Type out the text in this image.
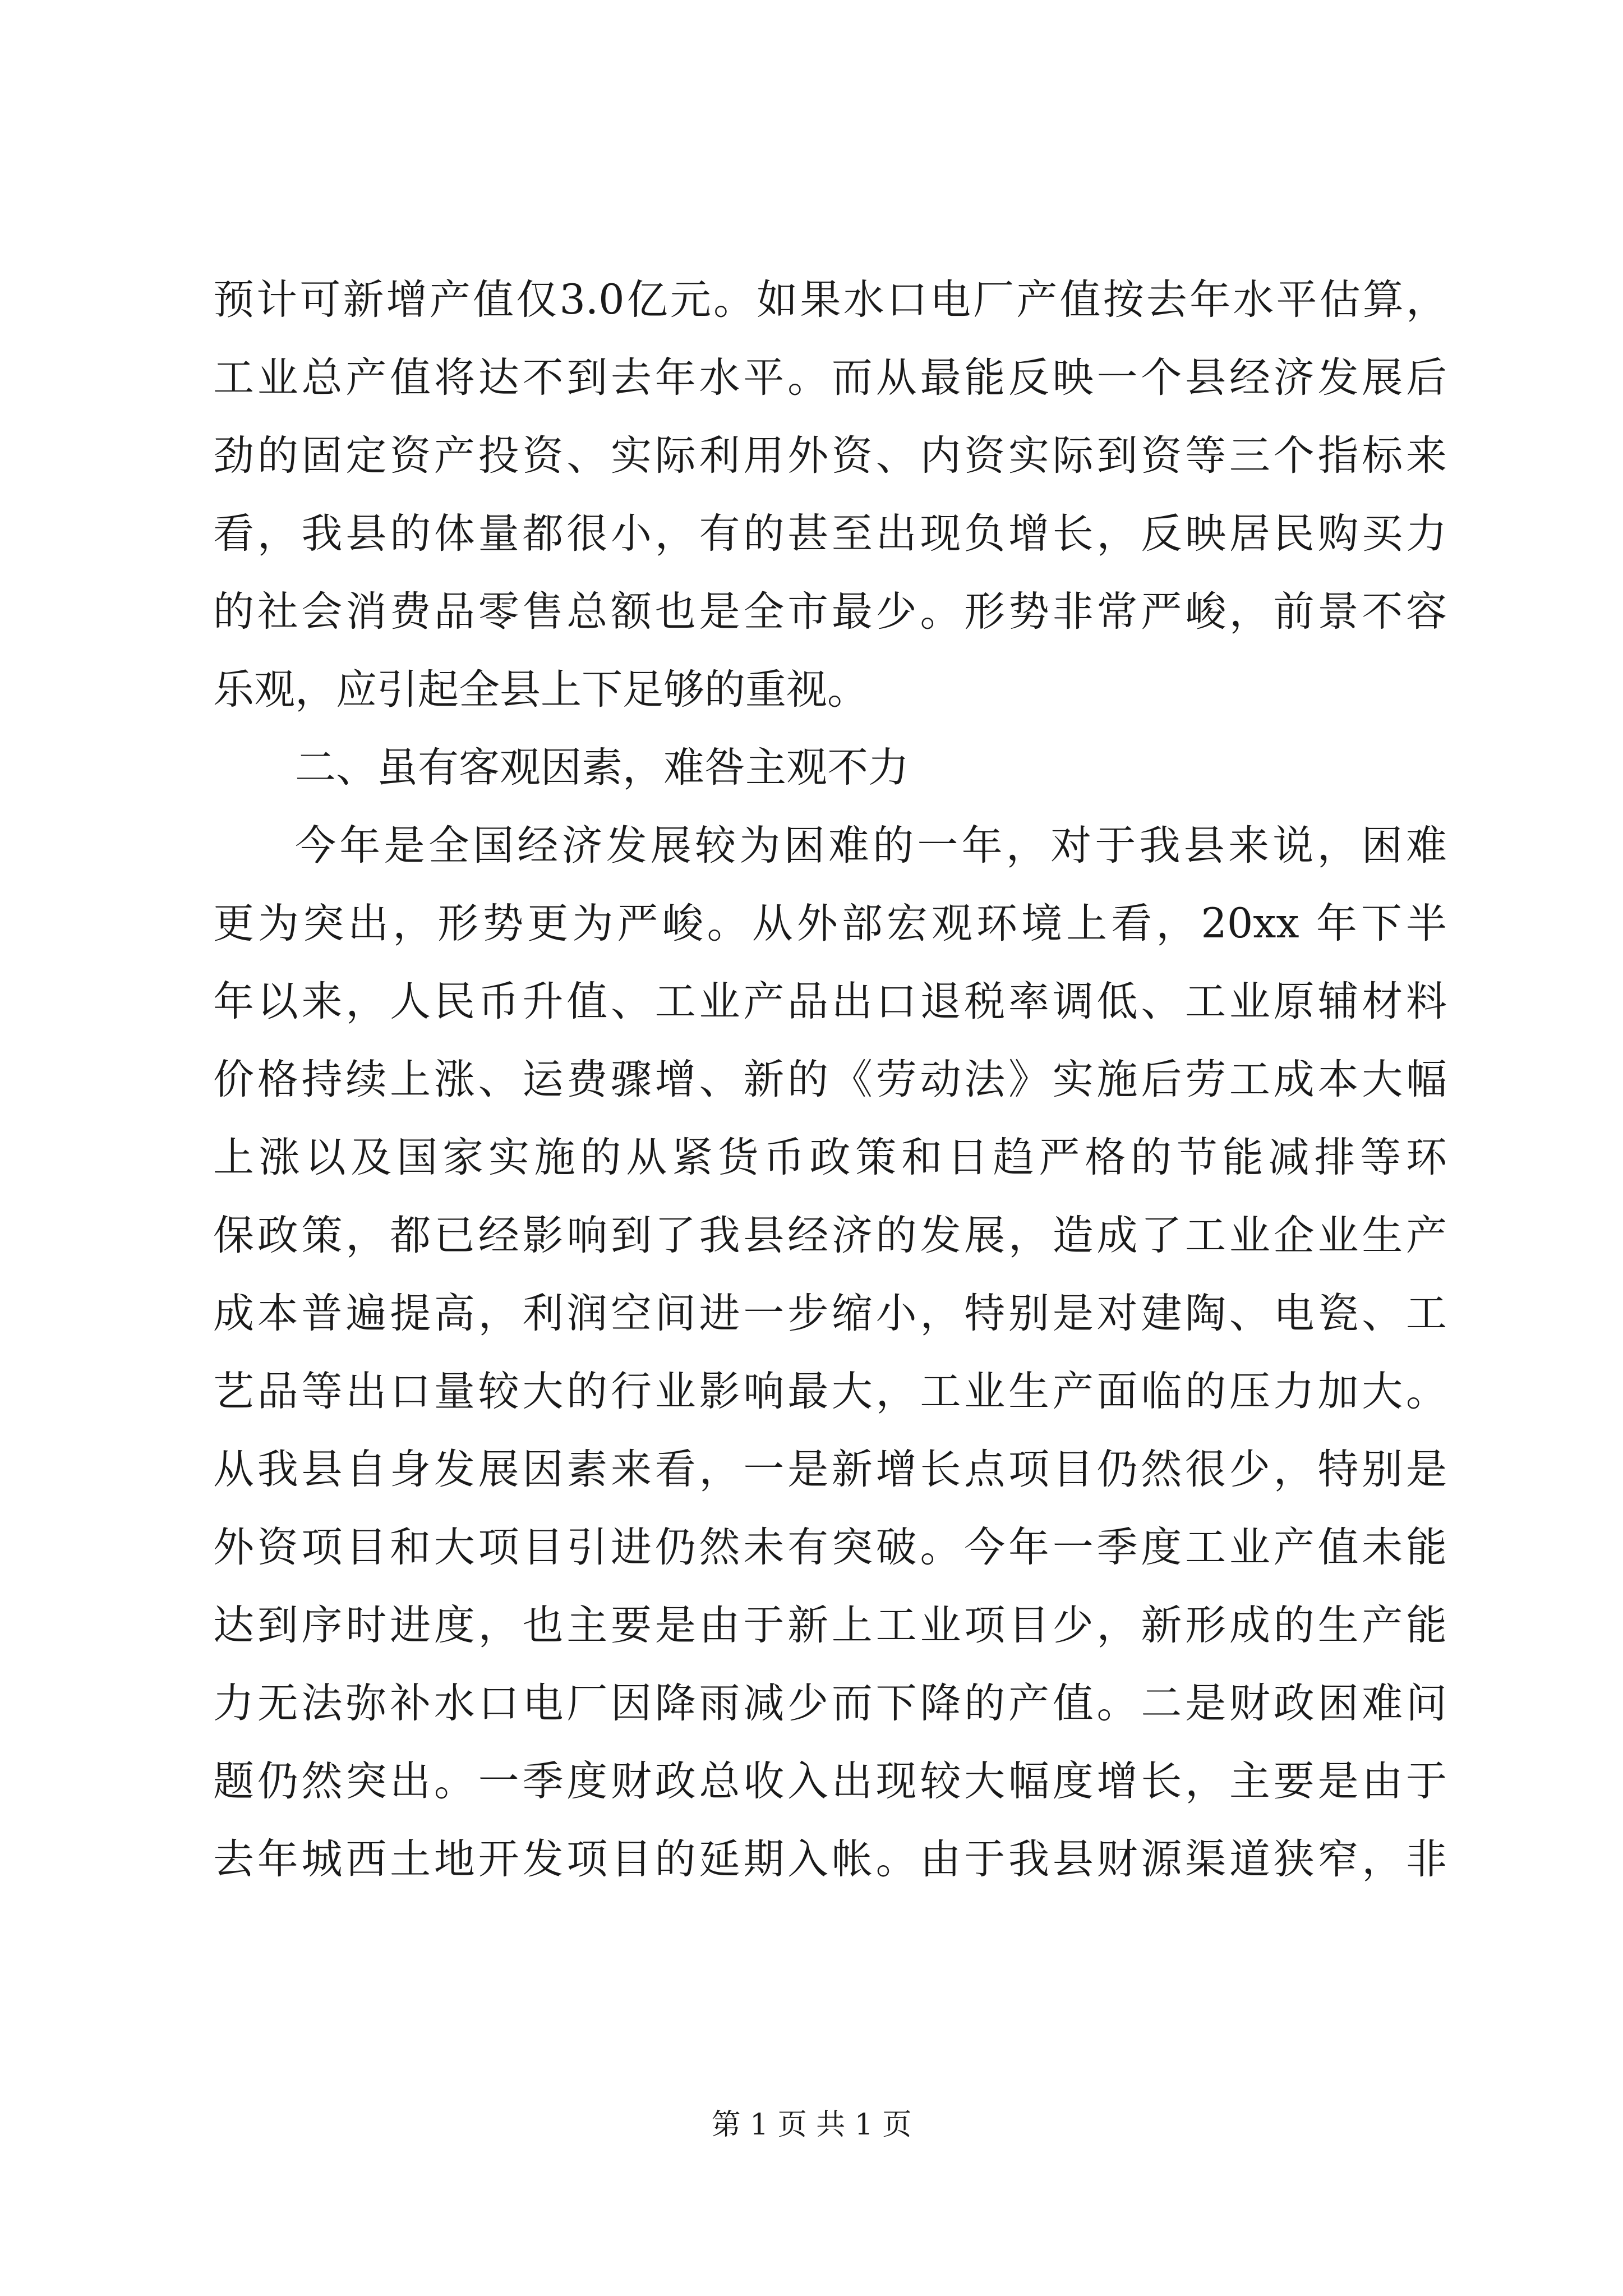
预计可新增产值仅3.0亿元。如果水口电厂产值按去年水平估算，
工业总产值将达不到去年水平。而从最能反映一个县经济发展后
劲的固定资产投资、实际利用外资、内资实际到资等三个指标来
看，我县的体量都很小，有的甚至出现负增长，反映居民购买力
的社会消费品零售总额也是全市最少。形势非常严峻，前景不容
乐观，应引起全县上下足够的重视。
二、虽有客观因素，难咎主观不力
今年是全国经济发展较为困难的一年，对于我县来说，困难
更为突出，形势更为严峻。从外部宏观环境上看，20xx 年下半
年以来，人民币升值、工业产品出口退税率调低、工业原辅材料
价格持续上涨、运费骤增、新的《劳动法》实施后劳工成本大幅
上涨以及国家实施的从紧货币政策和日趋严格的节能减排等环
保政策，都已经影响到了我县经济的发展，造成了工业企业生产
成本普遍提高，利润空间进一步缩小，特别是对建陶、电瓷、工
艺品等出口量较大的行业影响最大，工业生产面临的压力加大。
从我县自身发展因素来看，一是新增长点项目仍然很少，特别是
外资项目和大项目引进仍然未有突破。今年一季度工业产值未能
达到序时进度，也主要是由于新上工业项目少，新形成的生产能
力无法弥补水口电厂因降雨减少而下降的产值。二是财政困难问
题仍然突出。一季度财政总收入出现较大幅度增长，主要是由于
去年城西土地开发项目的延期入帐。由于我县财源渠道狭窄，非
第 1 页 共 1 页
